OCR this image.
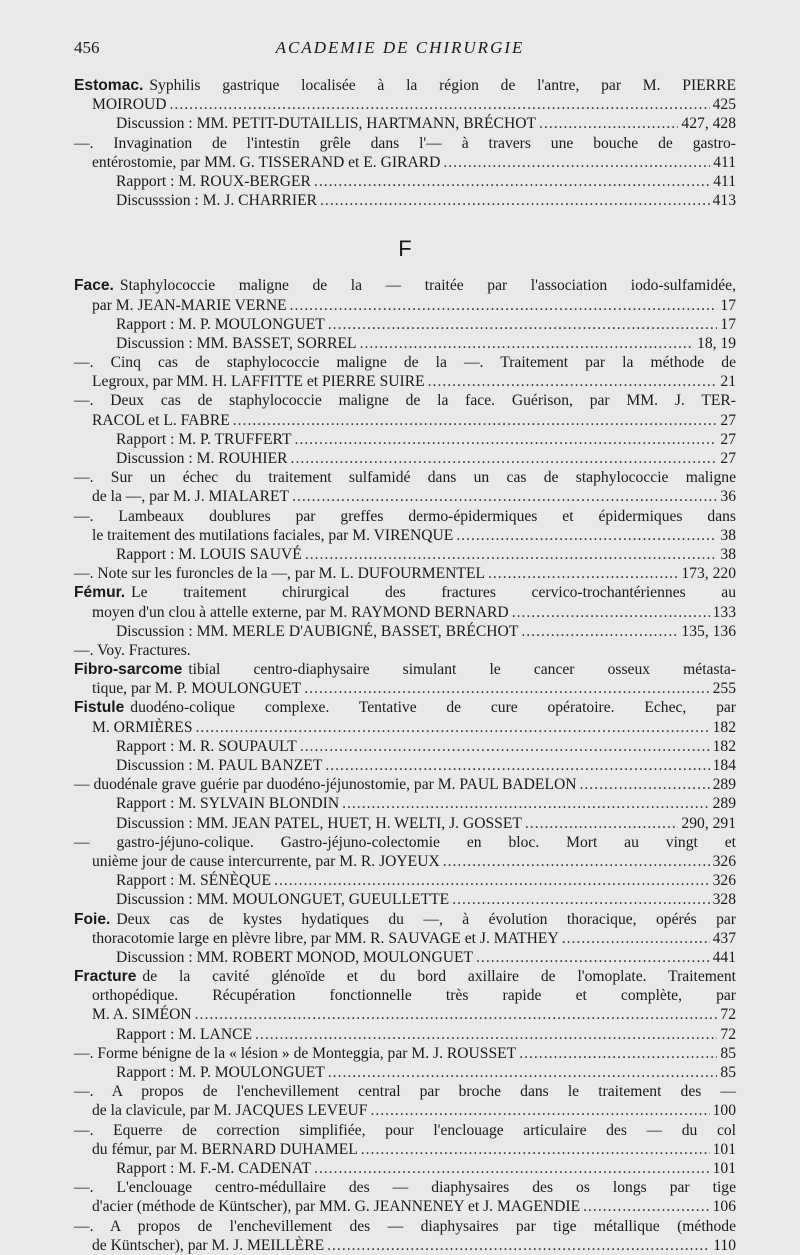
456	ACADEMIE DE CHIRURGIE
Estomac. Syphilis gastrique localisée à la région de l'antre, par M. PIERRE
MOIROUD .....	425
Discussion : MM. PETIT-DUTAILLIS, HARTMANN, BRÉCHOT .....	427, 428
—. Invagination de l'intestin grêle dans l'— à travers une bouche de gastro-
entérostomie, par MM. G. TISSERAND et E. GIRARD .....	411
Rapport : M. ROUX-BERGER .....	411
Discusssion : M. J. CHARRIER .....	413
F
Face. Staphylococcie maligne de la — traitée par l'association iodo-sulfamidée,
par M. JEAN-MARIE VERNE .....	17
Rapport : M. P. MOULONGUET .....	17
Discussion : MM. BASSET, SORREL .....	18, 19
—. Cinq cas de staphylococcie maligne de la —. Traitement par la méthode de
Legroux, par MM. H. LAFFITTE et PIERRE SUIRE .....	21
—. Deux cas de staphylococcie maligne de la face. Guérison, par MM. J. TER-
RACOL et L. FABRE .....	27
Rapport : M. P. TRUFFERT .....	27
Discussion : M. ROUHIER .....	27
—. Sur un échec du traitement sulfamidé dans un cas de staphylococcie maligne
de la —, par M. J. MIALARET .....	36
—. Lambeaux doublures par greffes dermo-épidermiques et épidermiques dans
le traitement des mutilations faciales, par M. VIRENQUE .....	38
Rapport : M. LOUIS SAUVÉ .....	38
—. Note sur les furoncles de la —, par M. L. DUFOURMENTEL .....	173, 220
Fémur. Le traitement chirurgical des fractures cervico-trochantériennes au
moyen d'un clou à attelle externe, par M. RAYMOND BERNARD .....	133
Discussion : MM. MERLE D'AUBIGNÉ, BASSET, BRÉCHOT .....	135, 136
—. Voy. Fractures.
Fibro-sarcome tibial centro-diaphysaire simulant le cancer osseux métasta-
tique, par M. P. MOULONGUET .....	255
Fistule duodéno-colique complexe. Tentative de cure opératoire. Echec, par
M. ORMIÈRES .....	182
Rapport : M. R. SOUPAULT .....	182
Discussion : M. PAUL BANZET .....	184
— duodénale grave guérie par duodéno-jéjunostomie, par M. PAUL BADELON .....	289
Rapport : M. SYLVAIN BLONDIN .....	289
Discussion : MM. JEAN PATEL, HUET, H. WELTI, J. GOSSET .....	290, 291
— gastro-jéjuno-colique. Gastro-jéjuno-colectomie en bloc. Mort au vingt et
unième jour de cause intercurrente, par M. R. JOYEUX .....	326
Rapport : M. SÉNÈQUE .....	326
Discussion : MM. MOULONGUET, GUEULLETTE .....	328
Foie. Deux cas de kystes hydatiques du —, à évolution thoracique, opérés par
thoracotomie large en plèvre libre, par MM. R. SAUVAGE et J. MATHEY .....	437
Discussion : MM. ROBERT MONOD, MOULONGUET .....	441
Fracture de la cavité glénoïde et du bord axillaire de l'omoplate. Traitement
orthopédique. Récupération fonctionnelle très rapide et complète, par
M. A. SIMÉON .....	72
Rapport : M. LANCE .....	72
—. Forme bénigne de la « lésion » de Monteggia, par M. J. ROUSSET .....	85
Rapport : M. P. MOULONGUET .....	85
—. A propos de l'enchevillement central par broche dans le traitement des —
de la clavicule, par M. JACQUES LEVEUF .....	100
—. Equerre de correction simplifiée, pour l'enclouage articulaire des — du col
du fémur, par M. BERNARD DUHAMEL .....	101
Rapport : M. F.-M. CADENAT .....	101
—. L'enclouage centro-médullaire des — diaphysaires des os longs par tige
d'acier (méthode de Küntscher), par MM. G. JEANNENEY et J. MAGENDIE .....	106
—. A propos de l'enchevillement des — diaphysaires par tige métallique (méthode
de Küntscher), par M. J. MEILLÈRE .....	110
